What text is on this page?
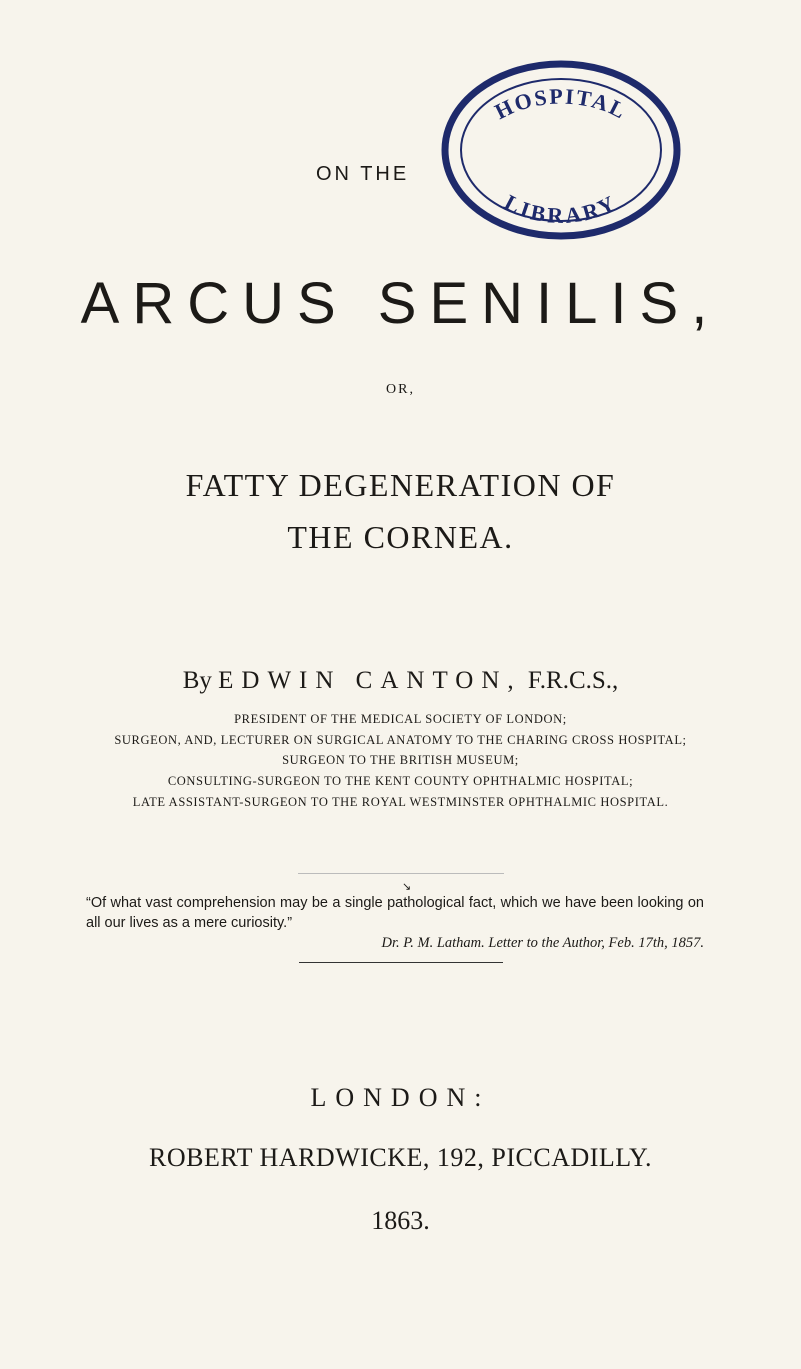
ON THE
HOSPITAL
LIBRARY
ARCUS SENILIS,
OR,
FATTY DEGENERATION OF
THE CORNEA.
By EDWIN CANTON, F.R.C.S.,
PRESIDENT OF THE MEDICAL SOCIETY OF LONDON;
SURGEON, AND, LECTURER ON SURGICAL ANATOMY TO THE CHARING CROSS HOSPITAL;
SURGEON TO THE BRITISH MUSEUM;
CONSULTING-SURGEON TO THE KENT COUNTY OPHTHALMIC HOSPITAL;
LATE ASSISTANT-SURGEON TO THE ROYAL WESTMINSTER OPHTHALMIC HOSPITAL.
↘
“Of what vast comprehension may be a single pathological fact, which we have been looking on all our lives as a mere curiosity.”
Dr. P. M. Latham. Letter to the Author, Feb. 17th, 1857.
LONDON:
ROBERT HARDWICKE, 192, PICCADILLY.
1863.
